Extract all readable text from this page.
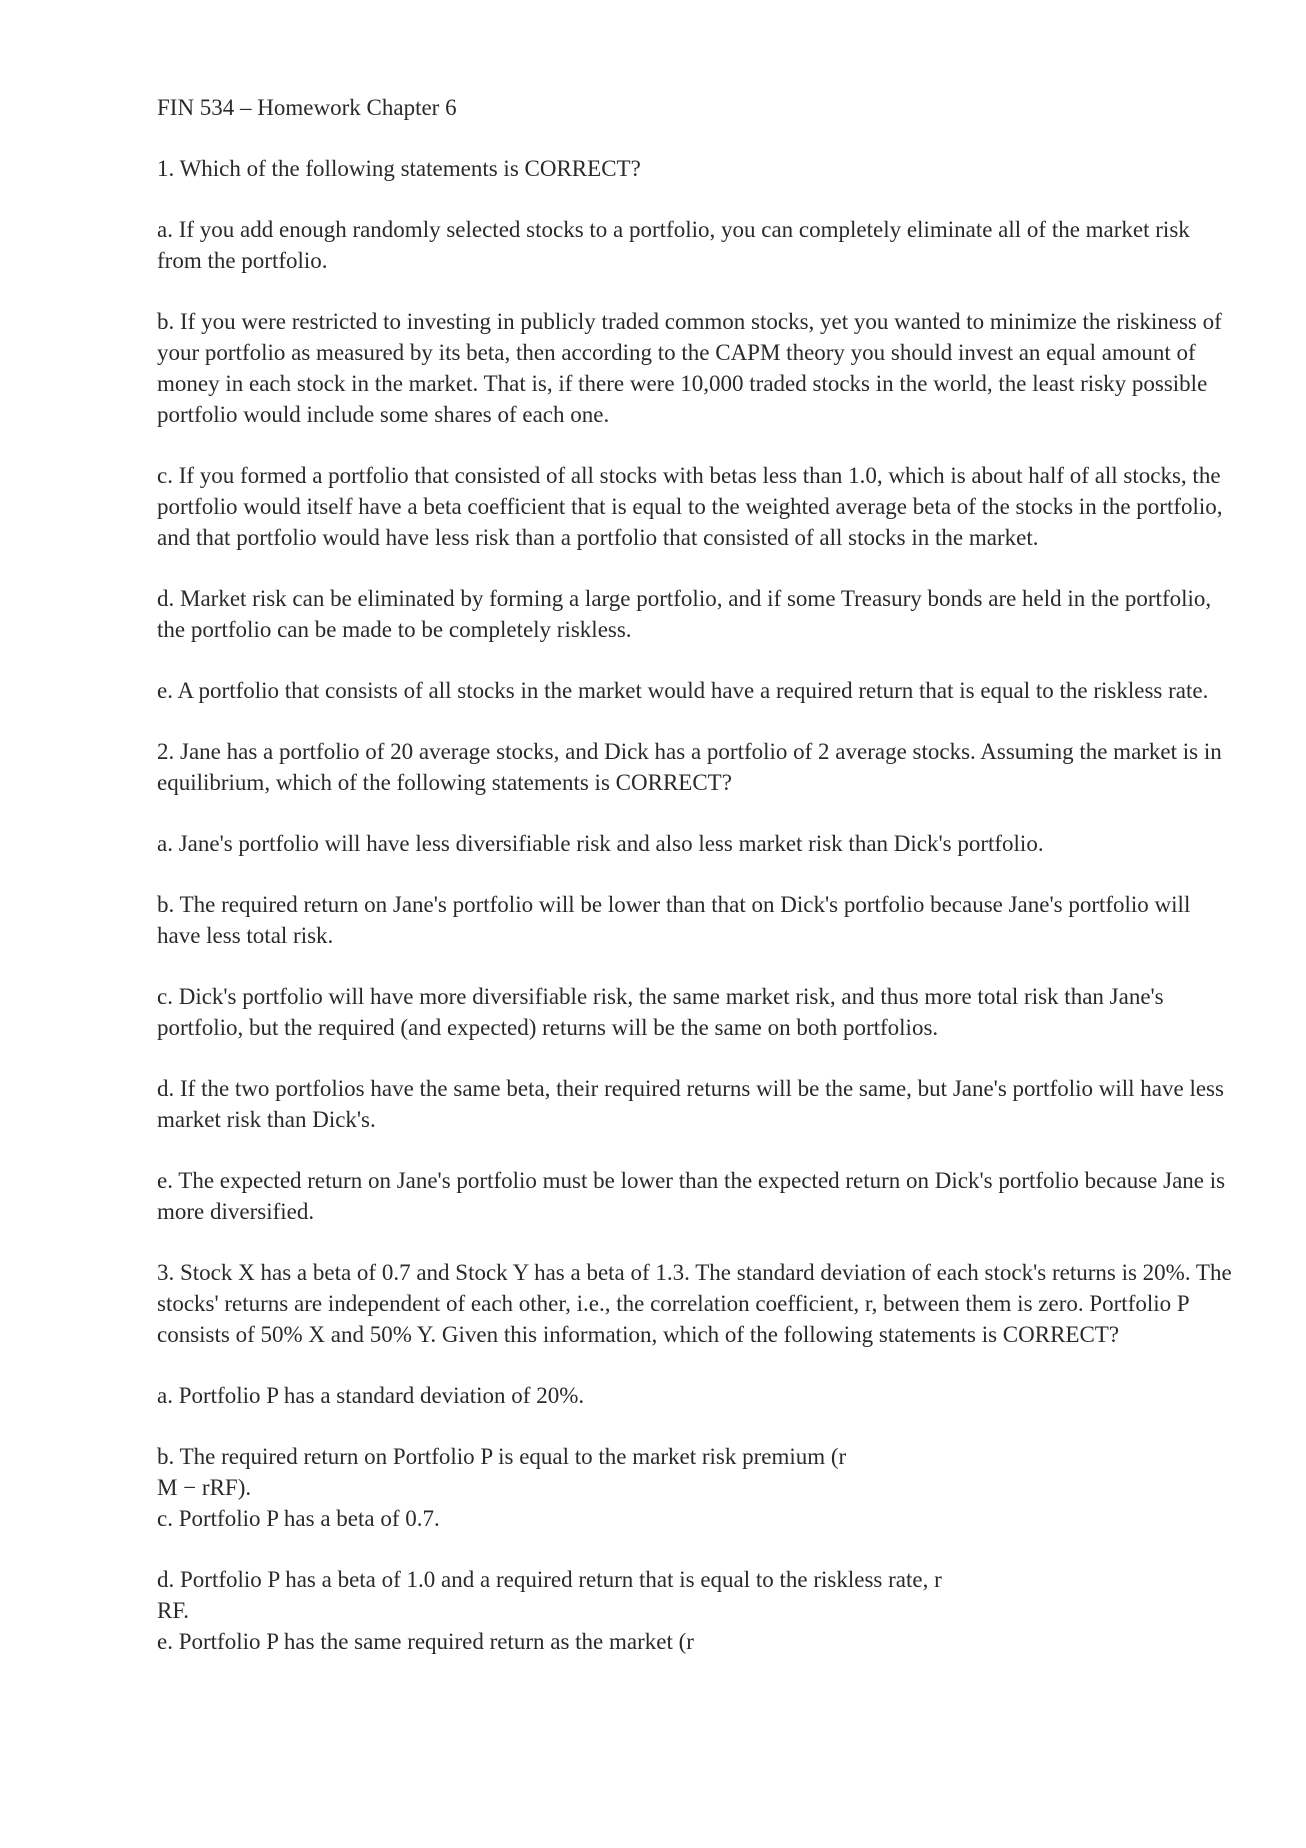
FIN 534 – Homework Chapter 6
1. Which of the following statements is CORRECT?
a. If you add enough randomly selected stocks to a portfolio, you can completely eliminate all of the market risk from the portfolio.
b. If you were restricted to investing in publicly traded common stocks, yet you wanted to minimize the riskiness of your portfolio as measured by its beta, then according to the CAPM theory you should invest an equal amount of money in each stock in the market. That is, if there were 10,000 traded stocks in the world, the least risky possible portfolio would include some shares of each one.
c. If you formed a portfolio that consisted of all stocks with betas less than 1.0, which is about half of all stocks, the portfolio would itself have a beta coefficient that is equal to the weighted average beta of the stocks in the portfolio, and that portfolio would have less risk than a portfolio that consisted of all stocks in the market.
d. Market risk can be eliminated by forming a large portfolio, and if some Treasury bonds are held in the portfolio, the portfolio can be made to be completely riskless.
e. A portfolio that consists of all stocks in the market would have a required return that is equal to the riskless rate.
2. Jane has a portfolio of 20 average stocks, and Dick has a portfolio of 2 average stocks. Assuming the market is in equilibrium, which of the following statements is CORRECT?
a. Jane's portfolio will have less diversifiable risk and also less market risk than Dick's portfolio.
b. The required return on Jane's portfolio will be lower than that on Dick's portfolio because Jane's portfolio will have less total risk.
c. Dick's portfolio will have more diversifiable risk, the same market risk, and thus more total risk than Jane's portfolio, but the required (and expected) returns will be the same on both portfolios.
d. If the two portfolios have the same beta, their required returns will be the same, but Jane's portfolio will have less market risk than Dick's.
e. The expected return on Jane's portfolio must be lower than the expected return on Dick's portfolio because Jane is more diversified.
3. Stock X has a beta of 0.7 and Stock Y has a beta of 1.3. The standard deviation of each stock's returns is 20%. The stocks' returns are independent of each other, i.e., the correlation coefficient, r, between them is zero. Portfolio P consists of 50% X and 50% Y. Given this information, which of the following statements is CORRECT?
a. Portfolio P has a standard deviation of 20%.
b. The required return on Portfolio P is equal to the market risk premium (r
M − rRF).
c. Portfolio P has a beta of 0.7.
d. Portfolio P has a beta of 1.0 and a required return that is equal to the riskless rate, r
RF.
e. Portfolio P has the same required return as the market (r
